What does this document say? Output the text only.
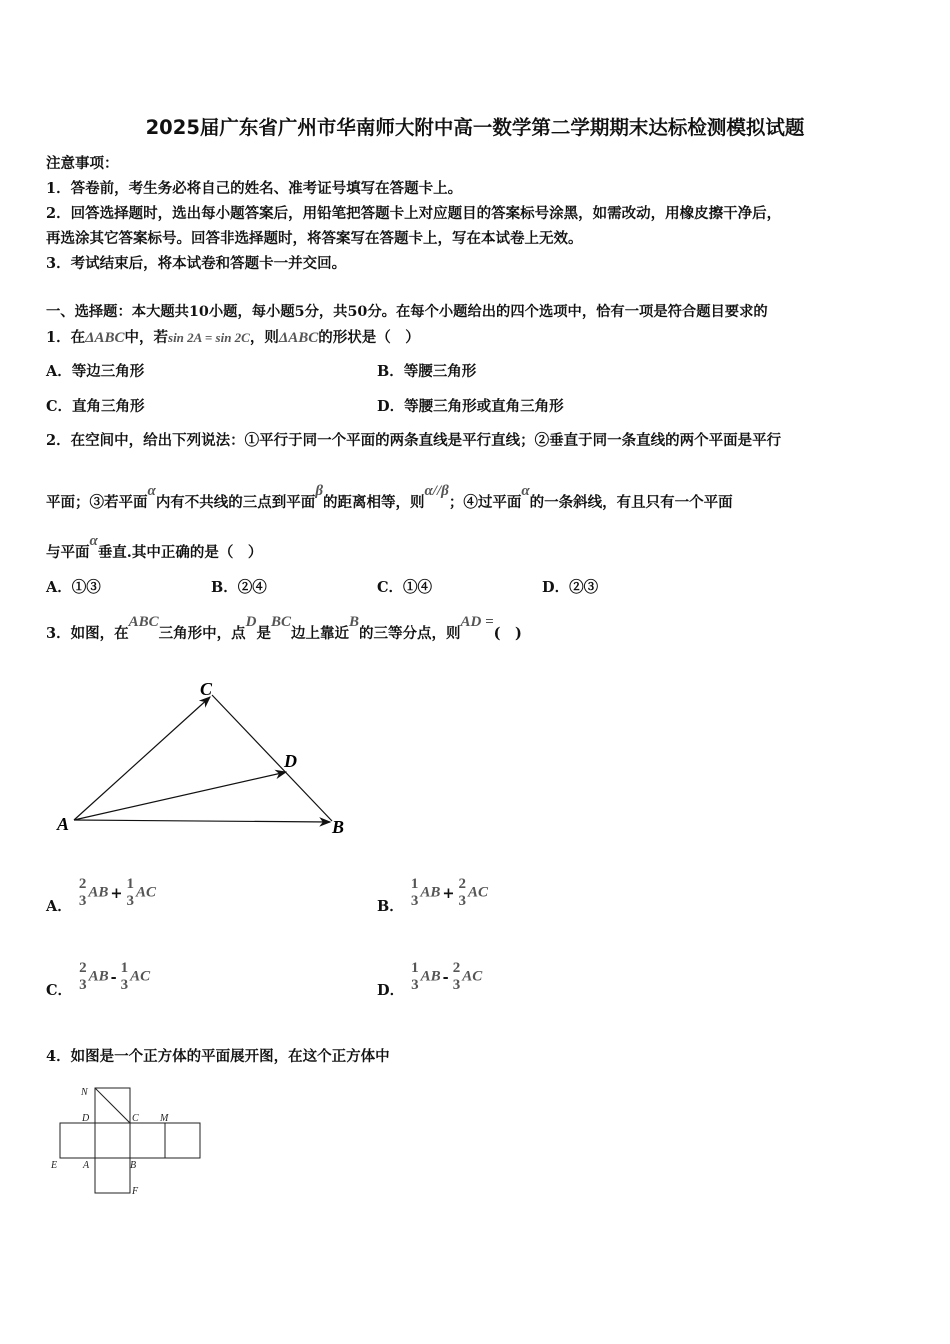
2025届广东省广州市华南师大附中高一数学第二学期期末达标检测模拟试题
注意事项：
1．答卷前，考生务必将自己的姓名、准考证号填写在答题卡上。
2．回答选择题时，选出每小题答案后，用铅笔把答题卡上对应题目的答案标号涂黑，如需改动，用橡皮擦干净后，
再选涂其它答案标号。回答非选择题时，将答案写在答题卡上，写在本试卷上无效。
3．考试结束后，将本试卷和答题卡一并交回。
一、选择题：本大题共10小题，每小题5分，共50分。在每个小题给出的四个选项中，恰有一项是符合题目要求的
1．在ΔABC中，若sin 2A = sin 2C，则ΔABC的形状是（　）
A．等边三角形	B．等腰三角形
C．直角三角形	D．等腰三角形或直角三角形
2．在空间中，给出下列说法：①平行于同一个平面的两条直线是平行直线；②垂直于同一条直线的两个平面是平行
平面；③若平面α内有不共线的三点到平面β的距离相等，则α//β；④过平面α的一条斜线，有且只有一个平面
与平面α垂直.其中正确的是（　）
A．①③	B．②④	C．①④	D．②③
3．如图，在ABC三角形中，点D是BC边上靠近B的三等分点，则AD =(　)
C
D
A	B
A．
2
3
AB +
1
3
AC
B．
1
3
AB +
2
3
AC
C．
2
3
AB -
1
3
AC
D．
1
3
AB -
2
3
AC
4．如图是一个正方体的平面展开图，在这个正方体中
N
D	C M
E	A	B
F
